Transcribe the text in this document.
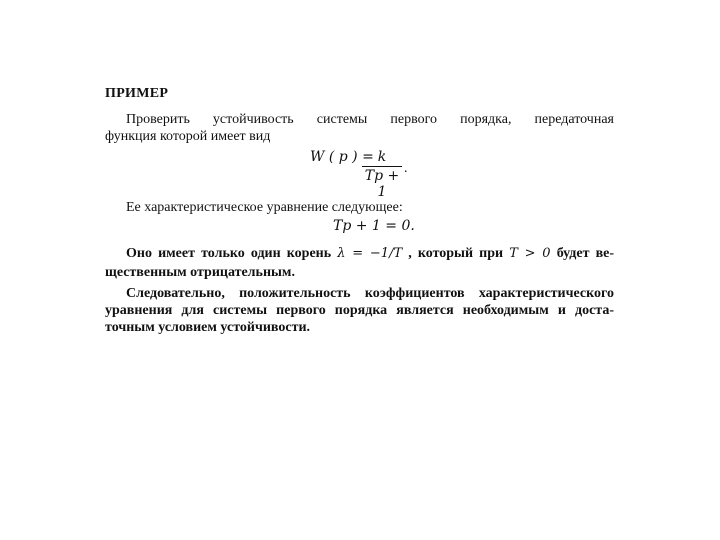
ПРИМЕР
Проверить устойчивость системы первого порядка, передаточная
функция которой имеет вид
W ( p ) = k
Tp + 1
.
Ее характеристическое уравнение следующее:
Tp + 1 = 0.
Оно имеет только один корень λ = −1/T , который при T > 0 будет ве-
щественным отрицательным.
Следовательно, положительность коэффициентов характеристического уравнения для системы первого порядка является необходимым и доста-точным условием устойчивости.
